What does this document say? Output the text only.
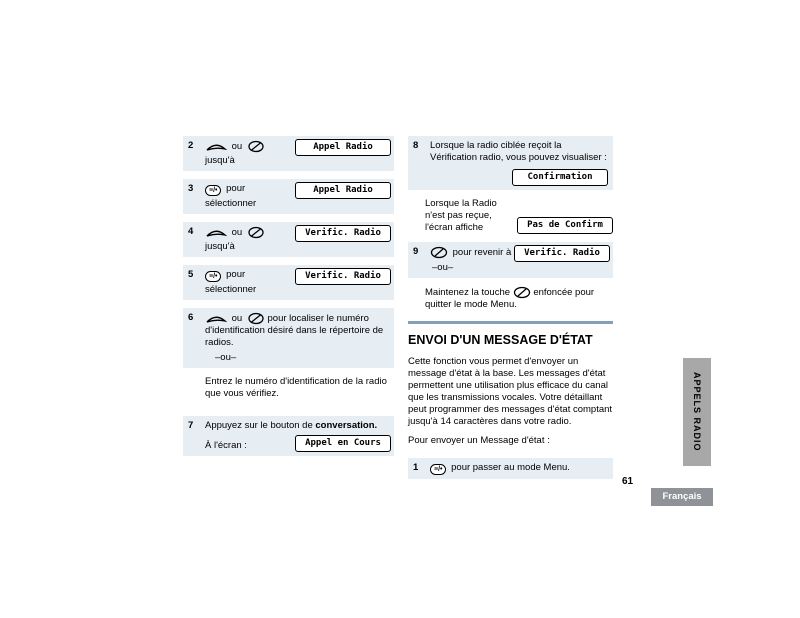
2	ou
jusqu'à
Appel Radio
3	≡/• pour
sélectionner
Appel Radio
4	ou
jusqu'à
Verific. Radio
5	≡/• pour
sélectionner
Verific. Radio
6	ou	pour localiser le numéro d'identification désiré dans le répertoire de radios.
–ou–
Entrez le numéro d'identification de la radio que vous vérifiez.
7	Appuyez sur le bouton de conversation.
À l'écran :	Appel en Cours
8	Lorsque la radio ciblée reçoit la Vérification radio, vous pouvez visualiser :
Confirmation
Lorsque la Radio n'est pas reçue, l'écran affiche	Pas de Confirm
9	pour revenir à
–ou–
Verific. Radio
Maintenez la touche enfoncée pour quitter le mode Menu.
ENVOI D'UN MESSAGE D'ÉTAT

Cette fonction vous permet d'envoyer un message d'état à la base. Les messages d'état permettent une utilisation plus efficace du canal que les transmissions vocales. Votre détaillant peut programmer des messages d'état comptant jusqu'à 14 caractères dans votre radio.

Pour envoyer un Message d'état :

1	≡/• pour passer au mode Menu.
APPELS RADIO
61
Français
